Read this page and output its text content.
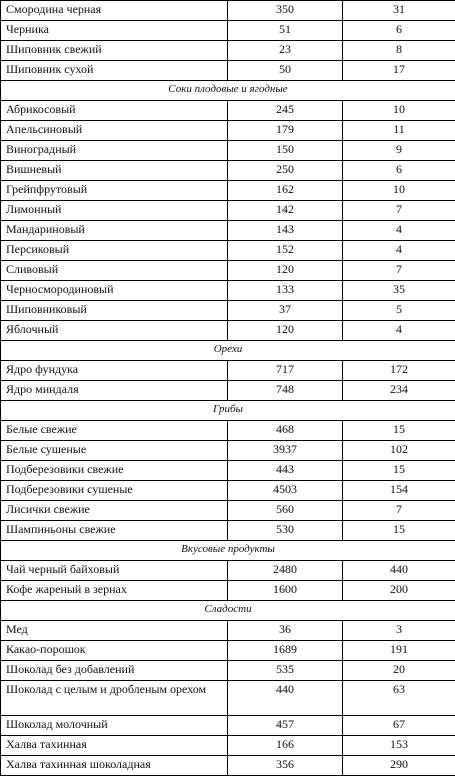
Смородина черная	350	31
Черника	51	6
Шиповник свежий	23	8
Шиповник сухой	50	17
Соки плодовые и ягодные		
Абрикосовый	245	10
Апельсиновый	179	11
Виноградный	150	9
Вишневый	250	6
Грейпфрутовый	162	10
Лимонный	142	7
Мандариновый	143	4
Персиковый	152	4
Сливовый	120	7
Черносмородиновый	133	35
Шиповниковый	37	5
Яблочный	120	4
Орехи		
Ядро фундука	717	172
Ядро миндаля	748	234
Грибы		
Белые свежие	468	15
Белые сушеные	3937	102
Подберезовики свежие	443	15
Подберезовики сушеные	4503	154
Лисички свежие	560	7
Шампиньоны свежие	530	15
Вкусовые продукты		
Чай черный байховый	2480	440
Кофе жареный в зернах	1600	200
Сладости		
Мед	36	3
Какао-порошок	1689	191
Шоколад без добавлений	535	20
Шоколад с целым и дробленым орехом	440	63
Шоколад молочный	457	67
Халва тахинная	166	153
Халва тахинная шоколадная	356	290
